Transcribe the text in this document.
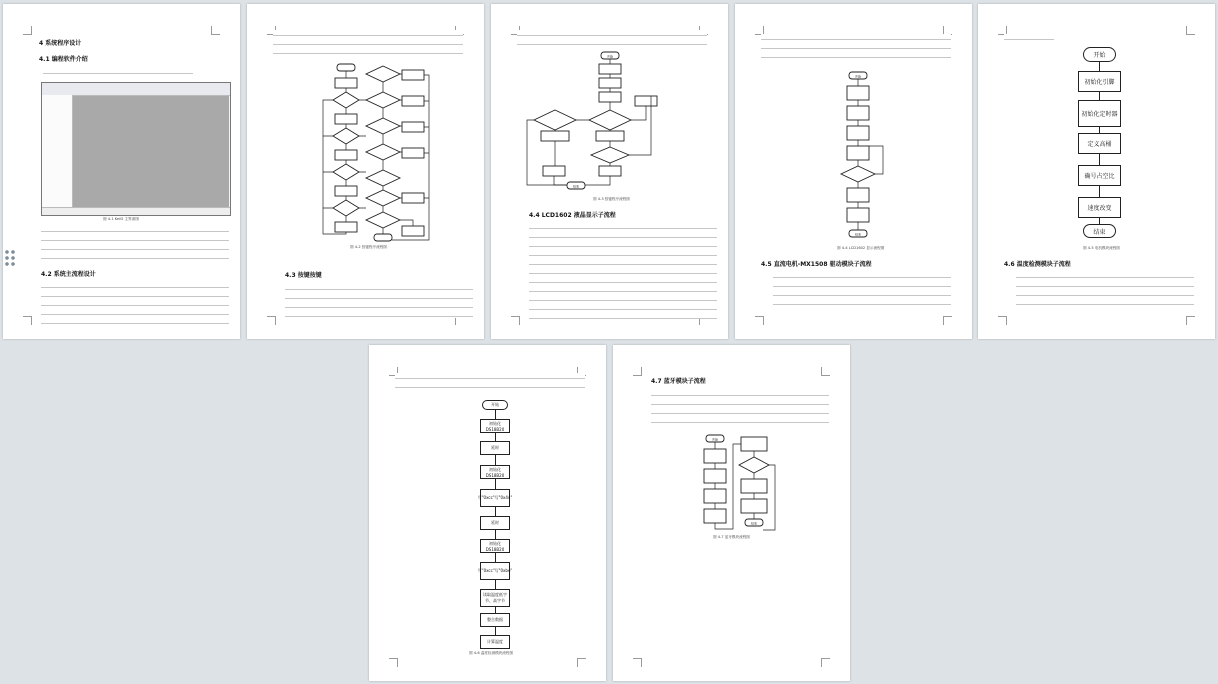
4 系统程序设计
4.1 编程软件介绍
图 4-1 Keil5 主界面图
4.2 系统主流程设计
图 4-2 按键程序流程图
4.3 按键按键
开始
结束
图 4-3 按键程序流程图
4.4 LCD1602 液晶显示子流程
开始
结束
图 4-4 LCD1602 显示流程图
4.5 直流电机-MX1508 驱动模块子流程
开始
初始化引脚
初始化定时器
定义高桶
确号占空比
速度改变
结束
图 4-5 电机模块流程图
4.6 温度检测模块子流程
开始
初始化DS18B20
延时
初始化DS18B20
写"0xcc"写"0x44"
延时
初始化DS18B20
写"0xcc"写"0xbe"
读取温度低字节、高字节
整合数据
计算温度
图 4-6 温度检测模块流程图
4.7 蓝牙模块子流程
开始
结束
图 4-7 蓝牙模块流程图
